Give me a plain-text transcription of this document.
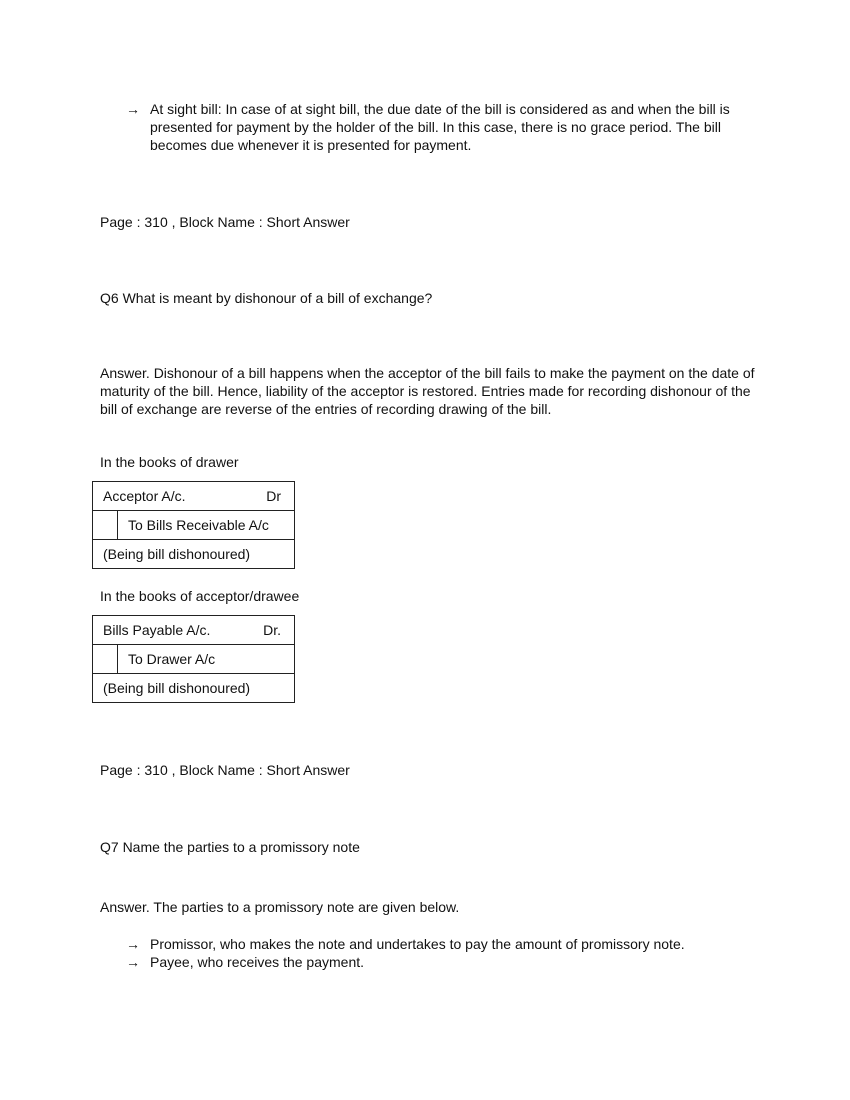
→ At sight bill: In case of at sight bill, the due date of the bill is considered as and when the bill is presented for payment by the holder of the bill. In this case, there is no grace period. The bill becomes due whenever it is presented for payment.
Page : 310 , Block Name : Short Answer
Q6 What is meant by dishonour of a bill of exchange?
Answer. Dishonour of a bill happens when the acceptor of the bill fails to make the payment on the date of maturity of the bill. Hence, liability of the acceptor is restored. Entries made for recording dishonour of the bill of exchange are reverse of the entries of recording drawing of the bill.
In the books of drawer
Acceptor A/c.	Dr

	To Bills Receivable A/c
(Being bill dishonoured)
In the books of acceptor/drawee
Bills Payable A/c.	Dr.

	To Drawer A/c
(Being bill dishonoured)
Page : 310 , Block Name : Short Answer
Q7 Name the parties to a promissory note
Answer. The parties to a promissory note are given below.
→ Promissor, who makes the note and undertakes to pay the amount of promissory note.
→ Payee, who receives the payment.
